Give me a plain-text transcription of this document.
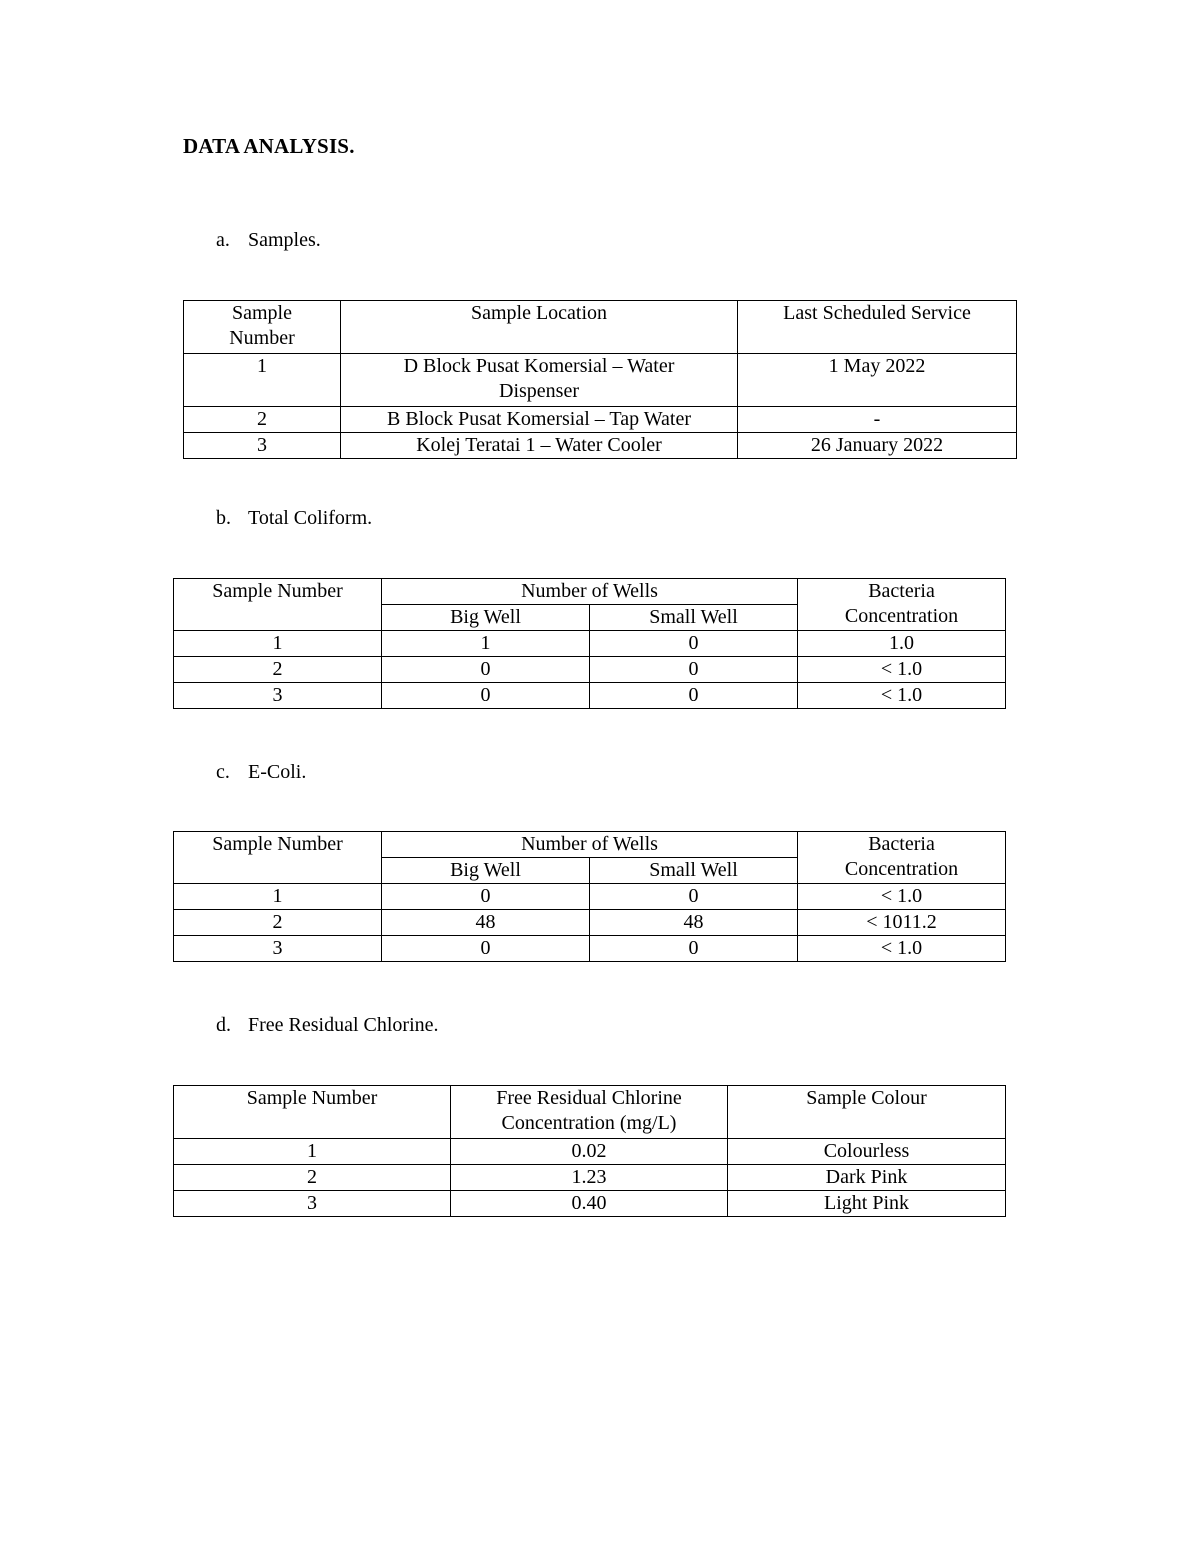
DATA ANALYSIS.
a. Samples.
Sample Number	Sample Location	Last Scheduled Service
1	D Block Pusat Komersial – Water Dispenser	1 May 2022
2	B Block Pusat Komersial – Tap Water	-
3	Kolej Teratai 1 – Water Cooler	26 January 2022
b. Total Coliform.
Sample Number	Number of Wells		Bacteria Concentration
	Big Well	Small Well	
1	1	0	1.0
2	0	0	< 1.0
3	0	0	< 1.0
c. E-Coli.
Sample Number	Number of Wells		Bacteria Concentration
	Big Well	Small Well	
1	0	0	< 1.0
2	48	48	< 1011.2
3	0	0	< 1.0
d. Free Residual Chlorine.
Sample Number	Free Residual Chlorine Concentration (mg/L)	Sample Colour
1	0.02	Colourless
2	1.23	Dark Pink
3	0.40	Light Pink
